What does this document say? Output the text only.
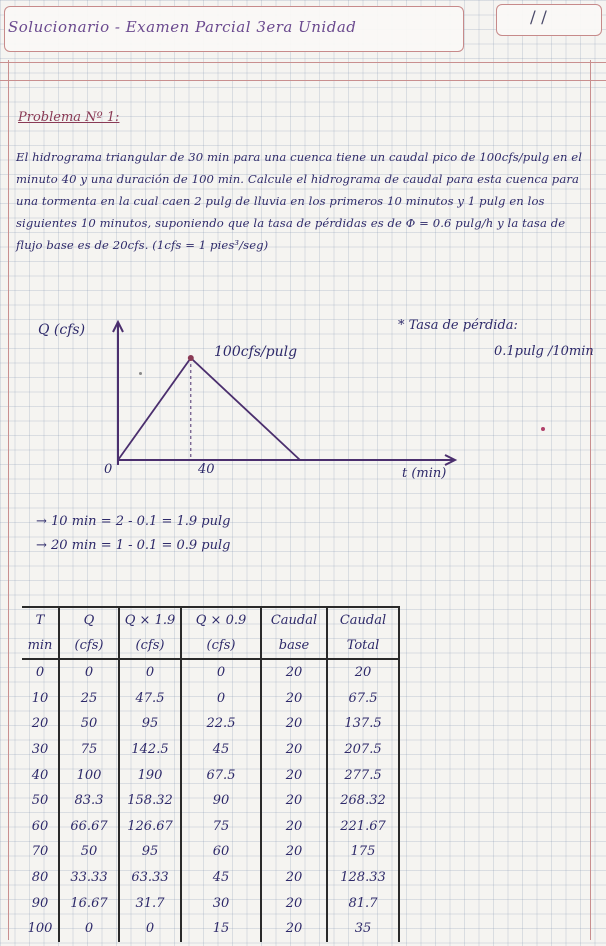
Solucionario - Examen Parcial 3era Unidad	/ /
Problema Nº 1:
El hidrograma triangular de 30 min para una cuenca tiene un caudal pico de 100cfs/pulg en el minuto 40 y una duración de 100 min. Calcule el hidrograma de caudal para esta cuenca para una tormenta en la cual caen 2 pulg de lluvia en los primeros 10 minutos y 1 pulg en los siguientes 10 minutos, suponiendo que la tasa de pérdidas es de Φ = 0.6 pulg/h y la tasa de flujo base es de 20cfs. (1cfs = 1 pies³/seg)
Q (cfs)
100cfs/pulg
0	40	t (min)
* Tasa de pérdida:
0.1pulg /10min
→ 10 min = 2 - 0.1 = 1.9 pulg
→ 20 min = 1 - 0.1 = 0.9 pulg
T	Q	Q × 1.9	Q × 0.9	Caudal	Caudal
min	(cfs)	(cfs)	(cfs)	base	Total
0	0	0	0	20	20
10	25	47.5	0	20	67.5
20	50	95	22.5	20	137.5
30	75	142.5	45	20	207.5
40	100	190	67.5	20	277.5
50	83.3	158.32	90	20	268.32
60	66.67	126.67	75	20	221.67
70	50	95	60	20	175
80	33.33	63.33	45	20	128.33
90	16.67	31.7	30	20	81.7
100	0	0	15	20	35
